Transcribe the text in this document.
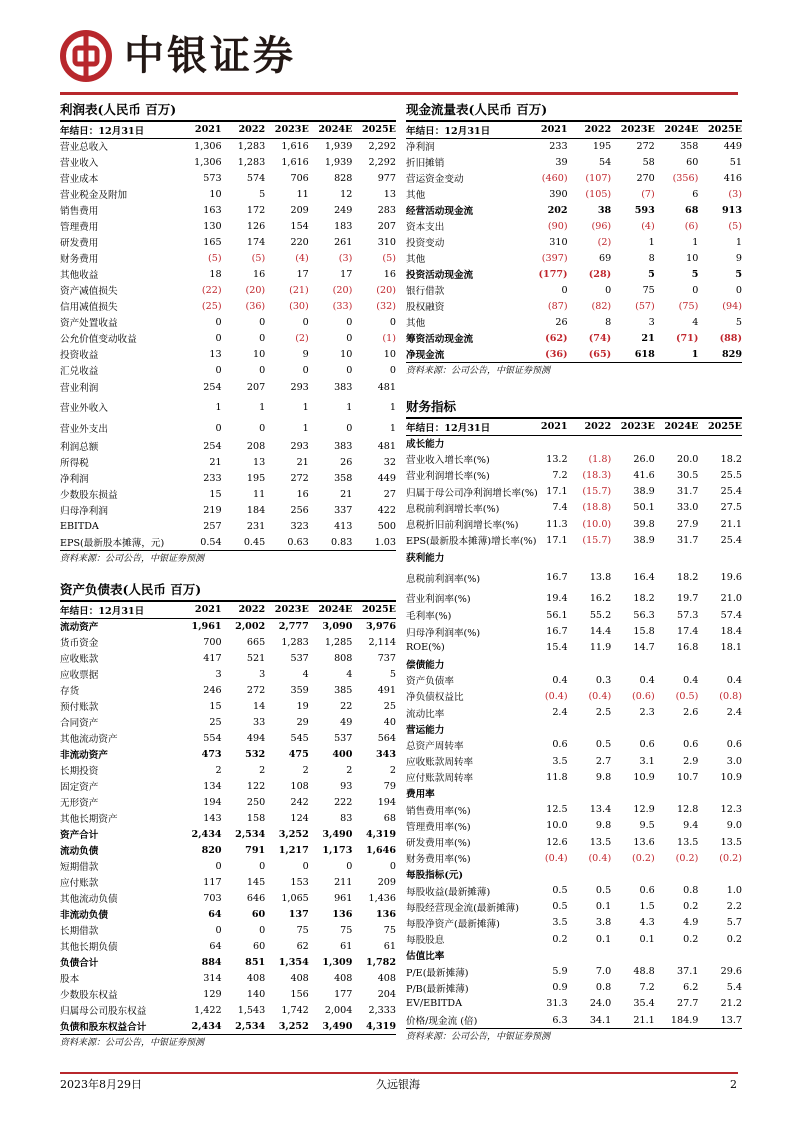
中银证券
利润表(人民币 百万)
年结日：12月31日	2021	2022	2023E	2024E	2025E
营业总收入	1,306	1,283	1,616	1,939	2,292
营业收入	1,306	1,283	1,616	1,939	2,292
营业成本	573	574	706	828	977
营业税金及附加	10	5	11	12	13
销售费用	163	172	209	249	283
管理费用	130	126	154	183	207
研发费用	165	174	220	261	310
财务费用	(5)	(5)	(4)	(3)	(5)
其他收益	18	16	17	17	16
资产减值损失	(22)	(20)	(21)	(20)	(20)
信用减值损失	(25)	(36)	(30)	(33)	(32)
资产处置收益	0	0	0	0	0
公允价值变动收益	0	0	(2)	0	(1)
投资收益	13	10	9	10	10
汇兑收益	0	0	0	0	0
营业利润	254	207	293	383	481
营业外收入	1	1	1	1	1
营业外支出	0	0	1	0	1
利润总额	254	208	293	383	481
所得税	21	13	21	26	32
净利润	233	195	272	358	449
少数股东损益	15	11	16	21	27
归母净利润	219	184	256	337	422
EBITDA	257	231	323	413	500
EPS(最新股本摊薄，元)	0.54	0.45	0.63	0.83	1.03
资料来源：公司公告，中银证券预测
资产负债表(人民币 百万)
年结日：12月31日	2021	2022	2023E	2024E	2025E
流动资产	1,961	2,002	2,777	3,090	3,976
货币资金	700	665	1,283	1,285	2,114
应收账款	417	521	537	808	737
应收票据	3	3	4	4	5
存货	246	272	359	385	491
预付账款	15	14	19	22	25
合同资产	25	33	29	49	40
其他流动资产	554	494	545	537	564
非流动资产	473	532	475	400	343
长期投资	2	2	2	2	2
固定资产	134	122	108	93	79
无形资产	194	250	242	222	194
其他长期资产	143	158	124	83	68
资产合计	2,434	2,534	3,252	3,490	4,319
流动负债	820	791	1,217	1,173	1,646
短期借款	0	0	0	0	0
应付账款	117	145	153	211	209
其他流动负债	703	646	1,065	961	1,436
非流动负债	64	60	137	136	136
长期借款	0	0	75	75	75
其他长期负债	64	60	62	61	61
负债合计	884	851	1,354	1,309	1,782
股本	314	408	408	408	408
少数股东权益	129	140	156	177	204
归属母公司股东权益	1,422	1,543	1,742	2,004	2,333
负债和股东权益合计	2,434	2,534	3,252	3,490	4,319
资料来源：公司公告，中银证券预测
现金流量表(人民币 百万)
年结日：12月31日	2021	2022	2023E	2024E	2025E
净利润	233	195	272	358	449
折旧摊销	39	54	58	60	51
营运资金变动	(460)	(107)	270	(356)	416
其他	390	(105)	(7)	6	(3)
经营活动现金流	202	38	593	68	913
资本支出	(90)	(96)	(4)	(6)	(5)
投资变动	310	(2)	1	1	1
其他	(397)	69	8	10	9
投资活动现金流	(177)	(28)	5	5	5
银行借款	0	0	75	0	0
股权融资	(87)	(82)	(57)	(75)	(94)
其他	26	8	3	4	5
筹资活动现金流	(62)	(74)	21	(71)	(88)
净现金流	(36)	(65)	618	1	829
资料来源：公司公告，中银证券预测
财务指标
年结日：12月31日	2021	2022	2023E	2024E	2025E
成长能力					
营业收入增长率(%)	13.2	(1.8)	26.0	20.0	18.2
营业利润增长率(%)	7.2	(18.3)	41.6	30.5	25.5
归属于母公司净利润增长率(%)	17.1	(15.7)	38.9	31.7	25.4
息税前利润增长率(%)	7.4	(18.8)	50.1	33.0	27.5
息税折旧前利润增长率(%)	11.3	(10.0)	39.8	27.9	21.1
EPS(最新股本摊薄)增长率(%)	17.1	(15.7)	38.9	31.7	25.4
获利能力					
息税前利润率(%)	16.7	13.8	16.4	18.2	19.6
营业利润率(%)	19.4	16.2	18.2	19.7	21.0
毛利率(%)	56.1	55.2	56.3	57.3	57.4
归母净利润率(%)	16.7	14.4	15.8	17.4	18.4
ROE(%)	15.4	11.9	14.7	16.8	18.1
偿债能力					
资产负债率	0.4	0.3	0.4	0.4	0.4
净负债权益比	(0.4)	(0.4)	(0.6)	(0.5)	(0.8)
流动比率	2.4	2.5	2.3	2.6	2.4
营运能力					
总资产周转率	0.6	0.5	0.6	0.6	0.6
应收账款周转率	3.5	2.7	3.1	2.9	3.0
应付账款周转率	11.8	9.8	10.9	10.7	10.9
费用率					
销售费用率(%)	12.5	13.4	12.9	12.8	12.3
管理费用率(%)	10.0	9.8	9.5	9.4	9.0
研发费用率(%)	12.6	13.5	13.6	13.5	13.5
财务费用率(%)	(0.4)	(0.4)	(0.2)	(0.2)	(0.2)
每股指标(元)					
每股收益(最新摊薄)	0.5	0.5	0.6	0.8	1.0
每股经营现金流(最新摊薄)	0.5	0.1	1.5	0.2	2.2
每股净资产(最新摊薄)	3.5	3.8	4.3	4.9	5.7
每股股息	0.2	0.1	0.1	0.2	0.2
估值比率					
P/E(最新摊薄)	5.9	7.0	48.8	37.1	29.6
P/B(最新摊薄)	0.9	0.8	7.2	6.2	5.4
EV/EBITDA	31.3	24.0	35.4	27.7	21.2
价格/现金流 (倍)	6.3	34.1	21.1	184.9	13.7
资料来源：公司公告，中银证券预测
2023年8月29日	久远银海	2
